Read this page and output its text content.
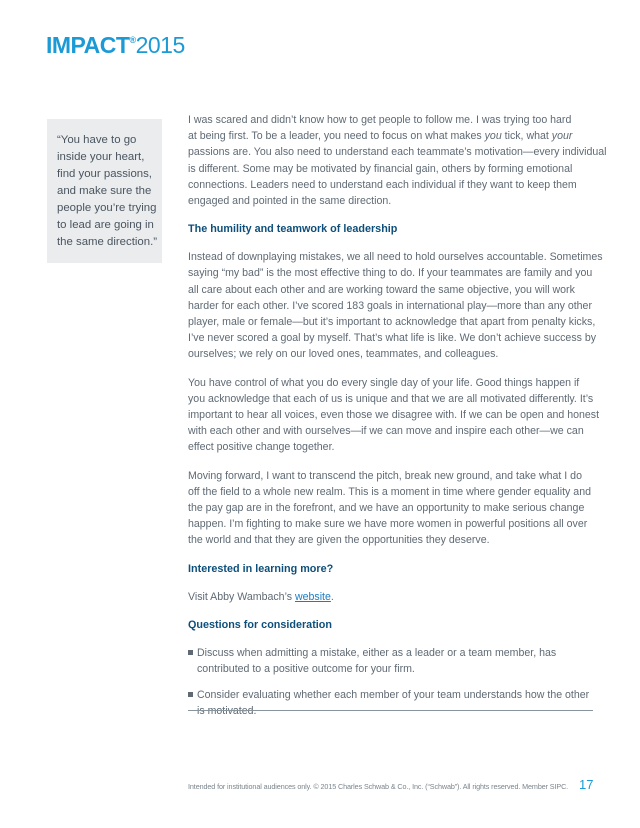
IMPACT®2015
“You have to go
inside your heart,
find your passions,
and make sure the
people you’re trying
to lead are going in
the same direction.”

I was scared and didn’t know how to get people to follow me. I was trying too hard
at being first. To be a leader, you need to focus on what makes you tick, what your
passions are. You also need to understand each teammate’s motivation—every individual
is different. Some may be motivated by financial gain, others by forming emotional
connections. Leaders need to understand each individual if they want to keep them
engaged and pointed in the same direction.

The humility and teamwork of leadership

Instead of downplaying mistakes, we all need to hold ourselves accountable. Sometimes
saying “my bad” is the most effective thing to do. If your teammates are family and you
all care about each other and are working toward the same objective, you will work
harder for each other. I’ve scored 183 goals in international play—more than any other
player, male or female—but it’s important to acknowledge that apart from penalty kicks,
I’ve never scored a goal by myself. That’s what life is like. We don’t achieve success by
ourselves; we rely on our loved ones, teammates, and colleagues.

You have control of what you do every single day of your life. Good things happen if
you acknowledge that each of us is unique and that we are all motivated differently. It’s
important to hear all voices, even those we disagree with. If we can be open and honest
with each other and with ourselves—if we can move and inspire each other—we can
effect positive change together.

Moving forward, I want to transcend the pitch, break new ground, and take what I do
off the field to a whole new realm. This is a moment in time where gender equality and
the pay gap are in the forefront, and we have an opportunity to make serious change
happen. I’m fighting to make sure we have more women in powerful positions all over
the world and that they are given the opportunities they deserve.

Interested in learning more?

Visit Abby Wambach’s website.

Questions for consideration
Discuss when admitting a mistake, either as a leader or a team member, has
contributed to a positive outcome for your firm.
Consider evaluating whether each member of your team understands how the other
is motivated.
Intended for institutional audiences only. © 2015 Charles Schwab & Co., Inc. (“Schwab”). All rights reserved. Member SIPC. 17
